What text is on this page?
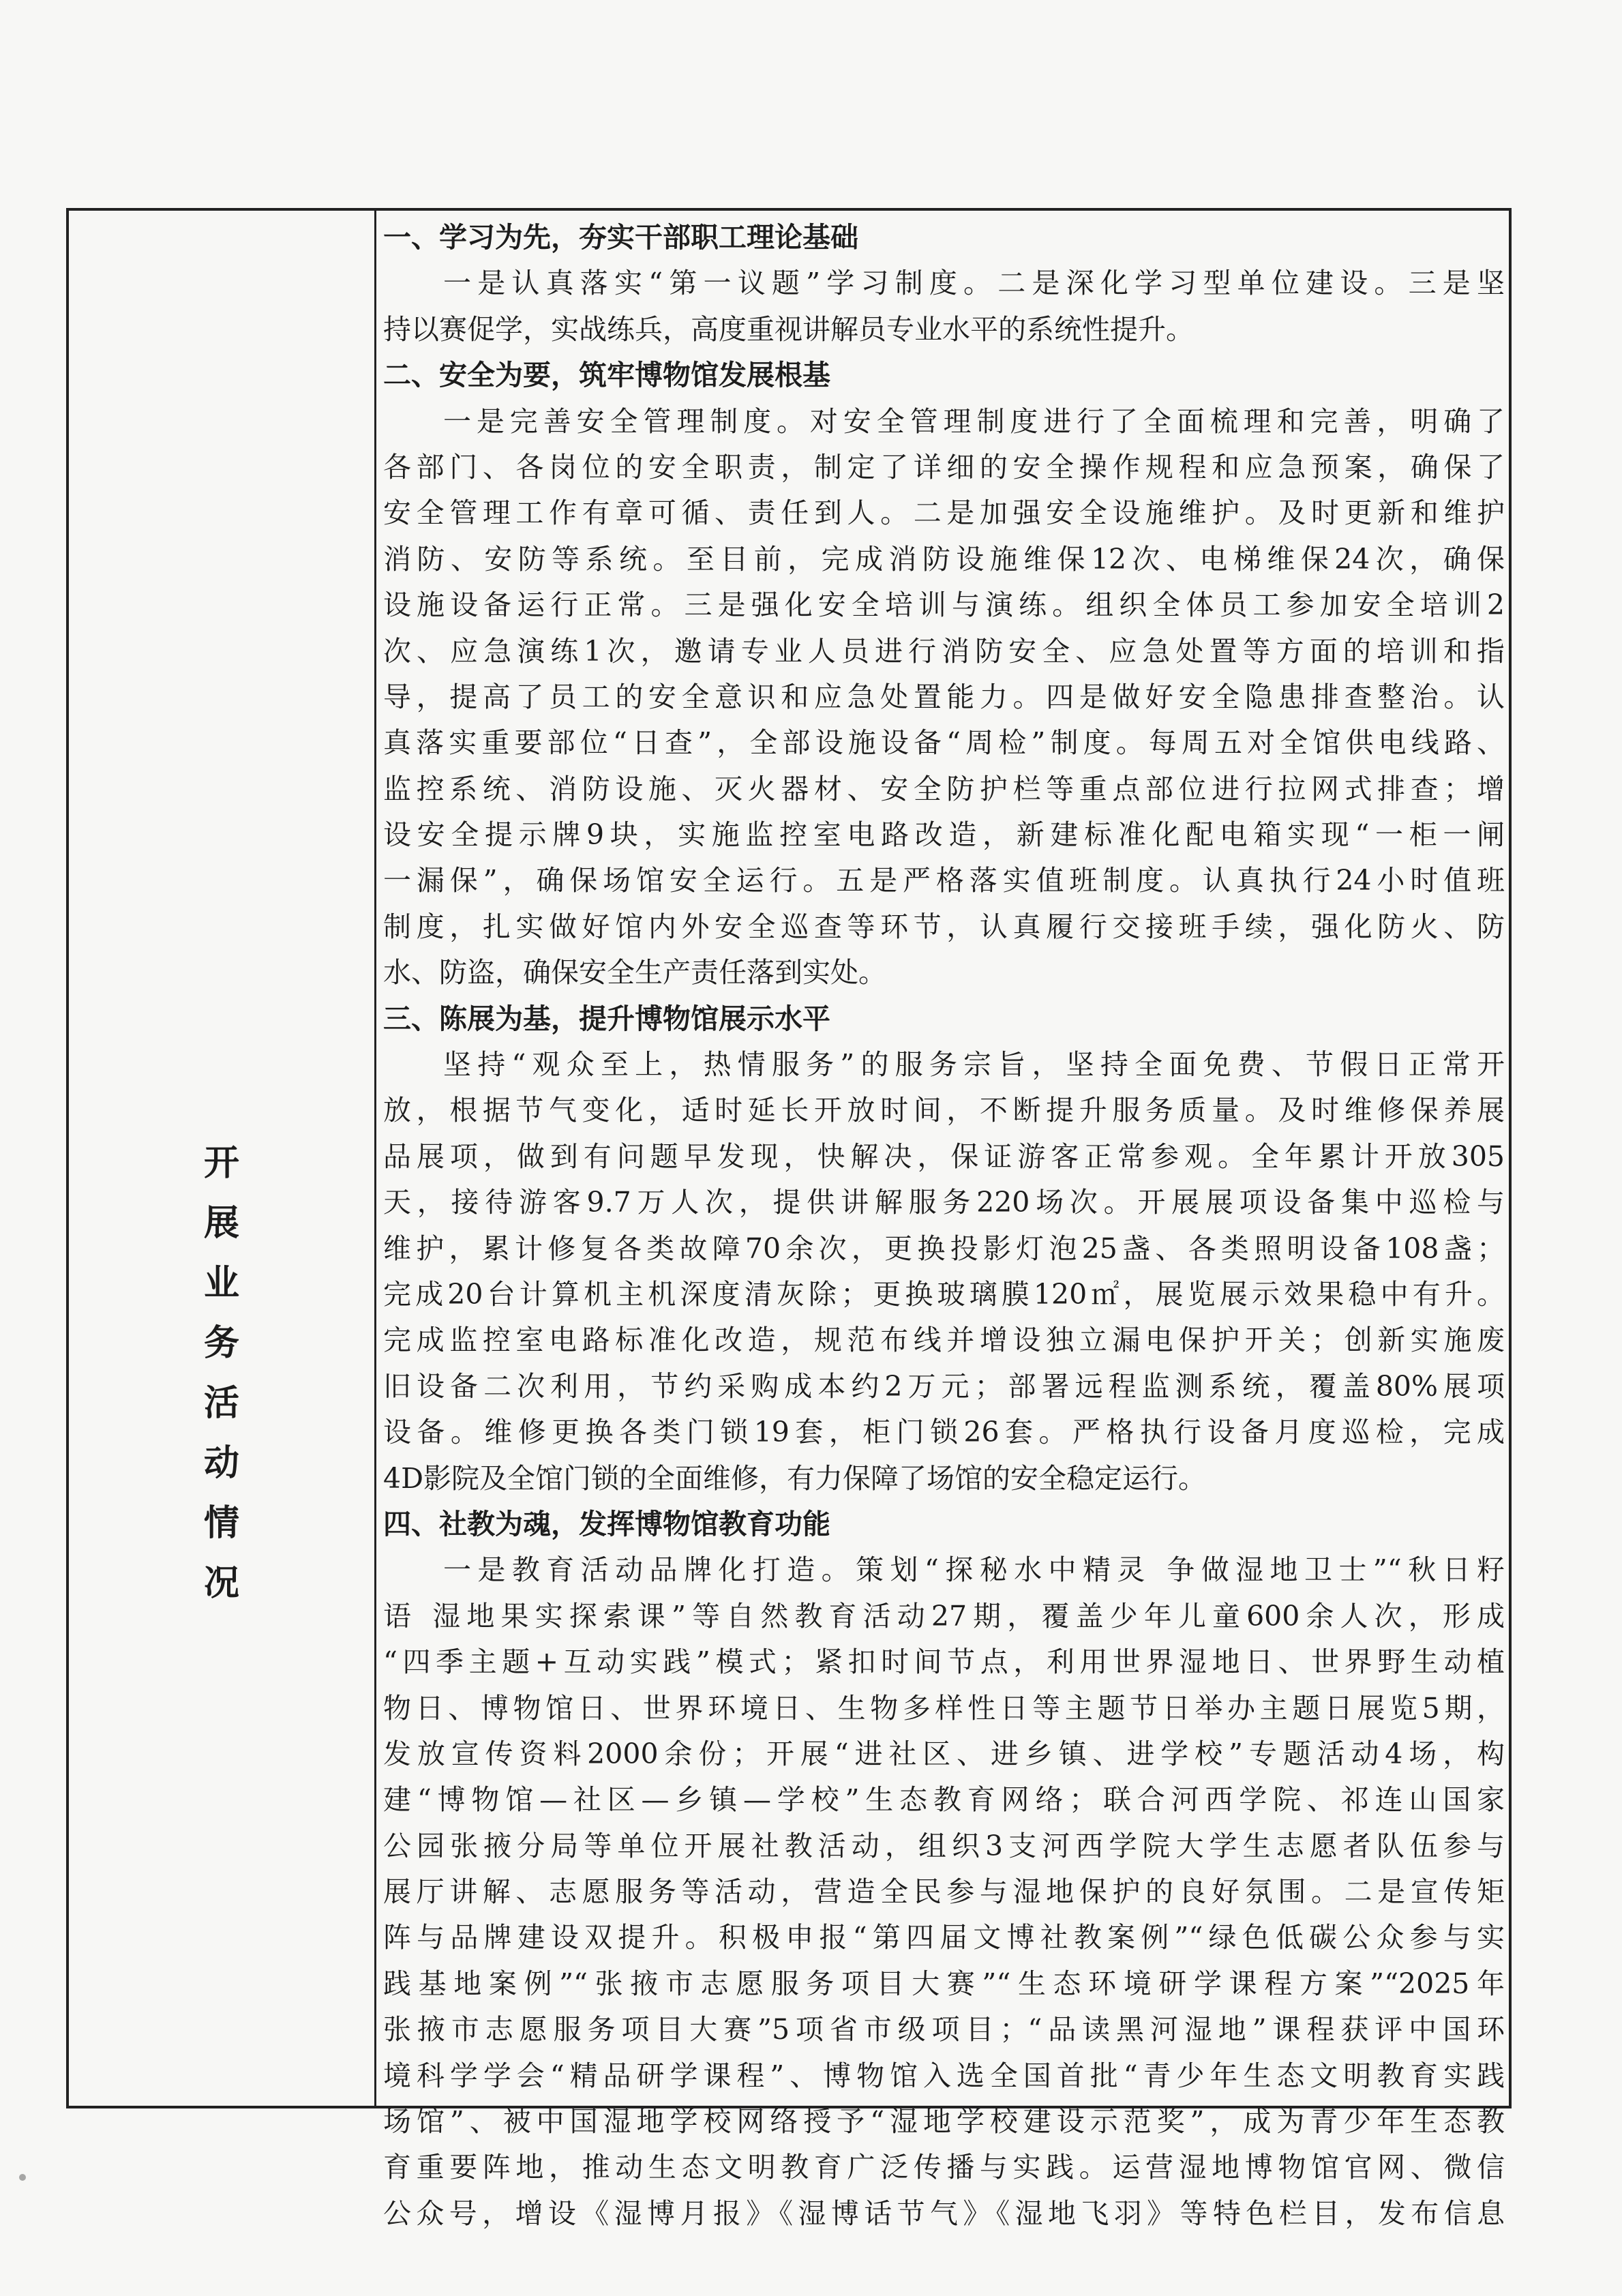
开
展
业
务
活
动
情
况
一、学习为先，夯实干部职工理论基础
一是认真落实“第一议题”学习制度。二是深化学习型单位建设。三是坚
持以赛促学，实战练兵，高度重视讲解员专业水平的系统性提升。
二、安全为要，筑牢博物馆发展根基
一是完善安全管理制度。对安全管理制度进行了全面梳理和完善，明确了
各部门、各岗位的安全职责，制定了详细的安全操作规程和应急预案，确保了
安全管理工作有章可循、责任到人。二是加强安全设施维护。及时更新和维护
消防、安防等系统。至目前，完成消防设施维保12次、电梯维保24次，确保
设施设备运行正常。三是强化安全培训与演练。组织全体员工参加安全培训2
次、应急演练1次，邀请专业人员进行消防安全、应急处置等方面的培训和指
导，提高了员工的安全意识和应急处置能力。四是做好安全隐患排查整治。认
真落实重要部位“日查”，全部设施设备“周检”制度。每周五对全馆供电线路、
监控系统、消防设施、灭火器材、安全防护栏等重点部位进行拉网式排查；增
设安全提示牌9块，实施监控室电路改造，新建标准化配电箱实现“一柜一闸
一漏保”，确保场馆安全运行。五是严格落实值班制度。认真执行24小时值班
制度，扎实做好馆内外安全巡查等环节，认真履行交接班手续，强化防火、防
水、防盗，确保安全生产责任落到实处。
三、陈展为基，提升博物馆展示水平
坚持“观众至上，热情服务”的服务宗旨，坚持全面免费、节假日正常开
放，根据节气变化，适时延长开放时间，不断提升服务质量。及时维修保养展
品展项，做到有问题早发现，快解决，保证游客正常参观。全年累计开放305
天，接待游客9.7万人次，提供讲解服务220场次。开展展项设备集中巡检与
维护，累计修复各类故障70余次，更换投影灯泡25盏、各类照明设备108盏；
完成20台计算机主机深度清灰除；更换玻璃膜120㎡，展览展示效果稳中有升。
完成监控室电路标准化改造，规范布线并增设独立漏电保护开关；创新实施废
旧设备二次利用，节约采购成本约2万元；部署远程监测系统，覆盖80%展项
设备。维修更换各类门锁19套，柜门锁26套。严格执行设备月度巡检，完成
4D影院及全馆门锁的全面维修，有力保障了场馆的安全稳定运行。
四、社教为魂，发挥博物馆教育功能
一是教育活动品牌化打造。策划“探秘水中精灵 争做湿地卫士”“秋日籽
语 湿地果实探索课”等自然教育活动27期，覆盖少年儿童600余人次，形成
“四季主题+互动实践”模式；紧扣时间节点，利用世界湿地日、世界野生动植
物日、博物馆日、世界环境日、生物多样性日等主题节日举办主题日展览5期，
发放宣传资料2000余份；开展“进社区、进乡镇、进学校”专题活动4场，构
建“博物馆—社区—乡镇—学校”生态教育网络；联合河西学院、祁连山国家
公园张掖分局等单位开展社教活动，组织3支河西学院大学生志愿者队伍参与
展厅讲解、志愿服务等活动，营造全民参与湿地保护的良好氛围。二是宣传矩
阵与品牌建设双提升。积极申报“第四届文博社教案例”“绿色低碳公众参与实
践基地案例”“张掖市志愿服务项目大赛”“生态环境研学课程方案”“2025年
张掖市志愿服务项目大赛”5项省市级项目；“品读黑河湿地”课程获评中国环
境科学学会“精品研学课程”、博物馆入选全国首批“青少年生态文明教育实践
场馆”、被中国湿地学校网络授予“湿地学校建设示范奖”，成为青少年生态教
育重要阵地，推动生态文明教育广泛传播与实践。运营湿地博物馆官网、微信
公众号，增设《湿博月报》《湿博话节气》《湿地飞羽》等特色栏目，发布信息
